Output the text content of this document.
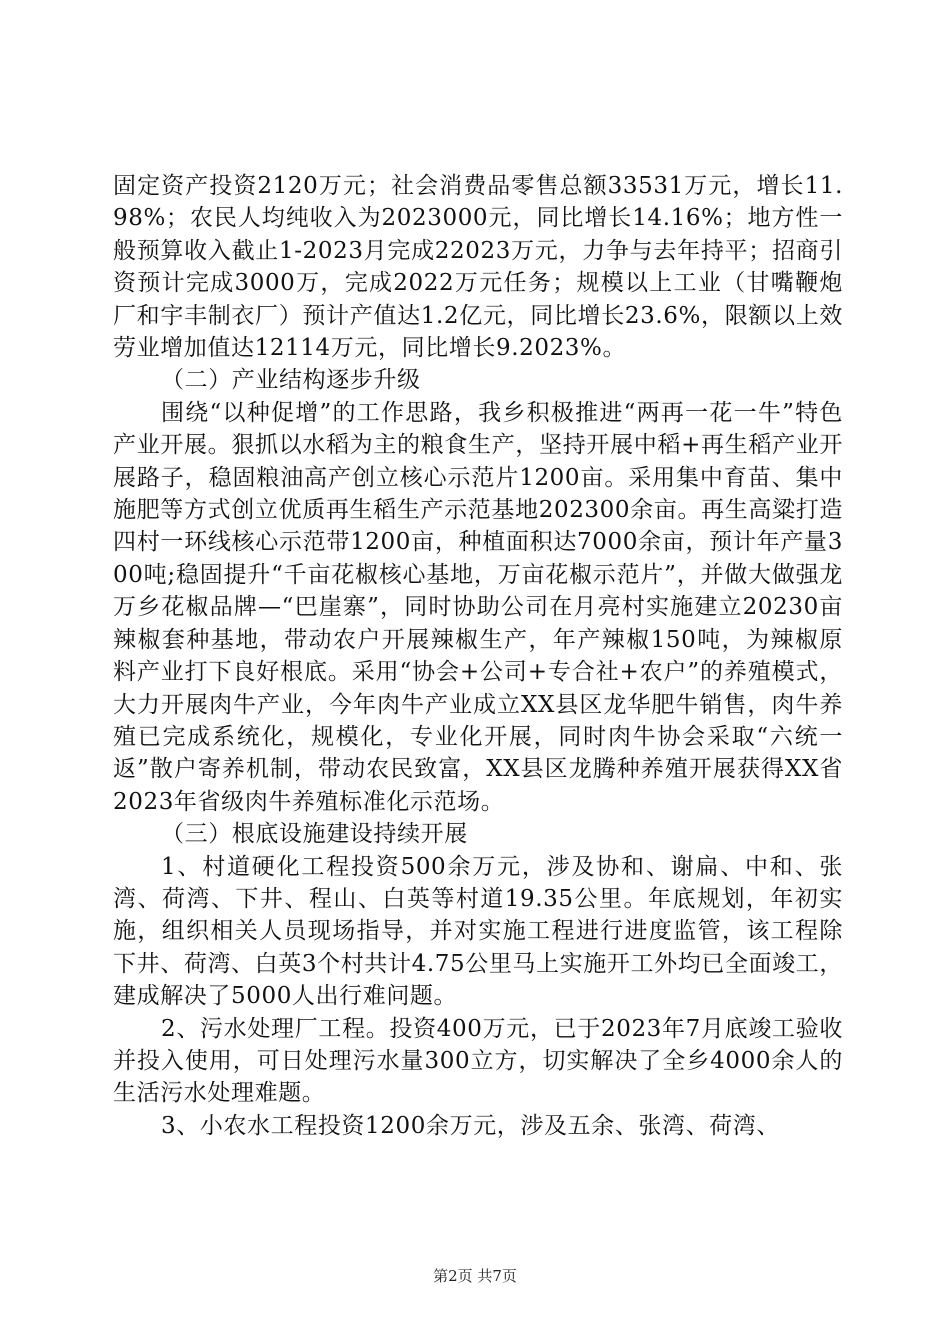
固定资产投资2120万元；社会消费品零售总额33531万元，增长11.98%；农民人均纯收入为2023000元，同比增长14.16%；地方性一般预算收入截止1-2023月完成22023万元，力争与去年持平；招商引资预计完成3000万，完成2022万元任务；规模以上工业（甘嘴鞭炮厂和宇丰制衣厂）预计产值达1.2亿元，同比增长23.6%，限额以上效劳业增加值达12114万元，同比增长9.2023%。

（二）产业结构逐步升级

围绕“以种促增”的工作思路，我乡积极推进“两再一花一牛”特色产业开展。狠抓以水稻为主的粮食生产，坚持开展中稻+再生稻产业开展路子，稳固粮油高产创立核心示范片1200亩。采用集中育苗、集中施肥等方式创立优质再生稻生产示范基地202300余亩。再生高粱打造四村一环线核心示范带1200亩，种植面积达7000余亩，预计年产量300吨;稳固提升“千亩花椒核心基地，万亩花椒示范片”，并做大做强龙万乡花椒品牌—“巴崖寨”，同时协助公司在月亮村实施建立20230亩辣椒套种基地，带动农户开展辣椒生产，年产辣椒150吨，为辣椒原料产业打下良好根底。采用“协会+公司+专合社+农户”的养殖模式，大力开展肉牛产业，今年肉牛产业成立XX县区龙华肥牛销售，肉牛养殖已完成系统化，规模化，专业化开展，同时肉牛协会采取“六统一返”散户寄养机制，带动农民致富，XX县区龙腾种养殖开展获得XX省2023年省级肉牛养殖标准化示范场。

（三）根底设施建设持续开展

1、村道硬化工程投资500余万元，涉及协和、谢扁、中和、张湾、荷湾、下井、程山、白英等村道19.35公里。年底规划，年初实施，组织相关人员现场指导，并对实施工程进行进度监管，该工程除下井、荷湾、白英3个村共计4.75公里马上实施开工外均已全面竣工，建成解决了5000人出行难问题。

2、污水处理厂工程。投资400万元，已于2023年7月底竣工验收并投入使用，可日处理污水量300立方，切实解决了全乡4000余人的生活污水处理难题。

3、小农水工程投资1200余万元，涉及五余、张湾、荷湾、

第2页 共7页
